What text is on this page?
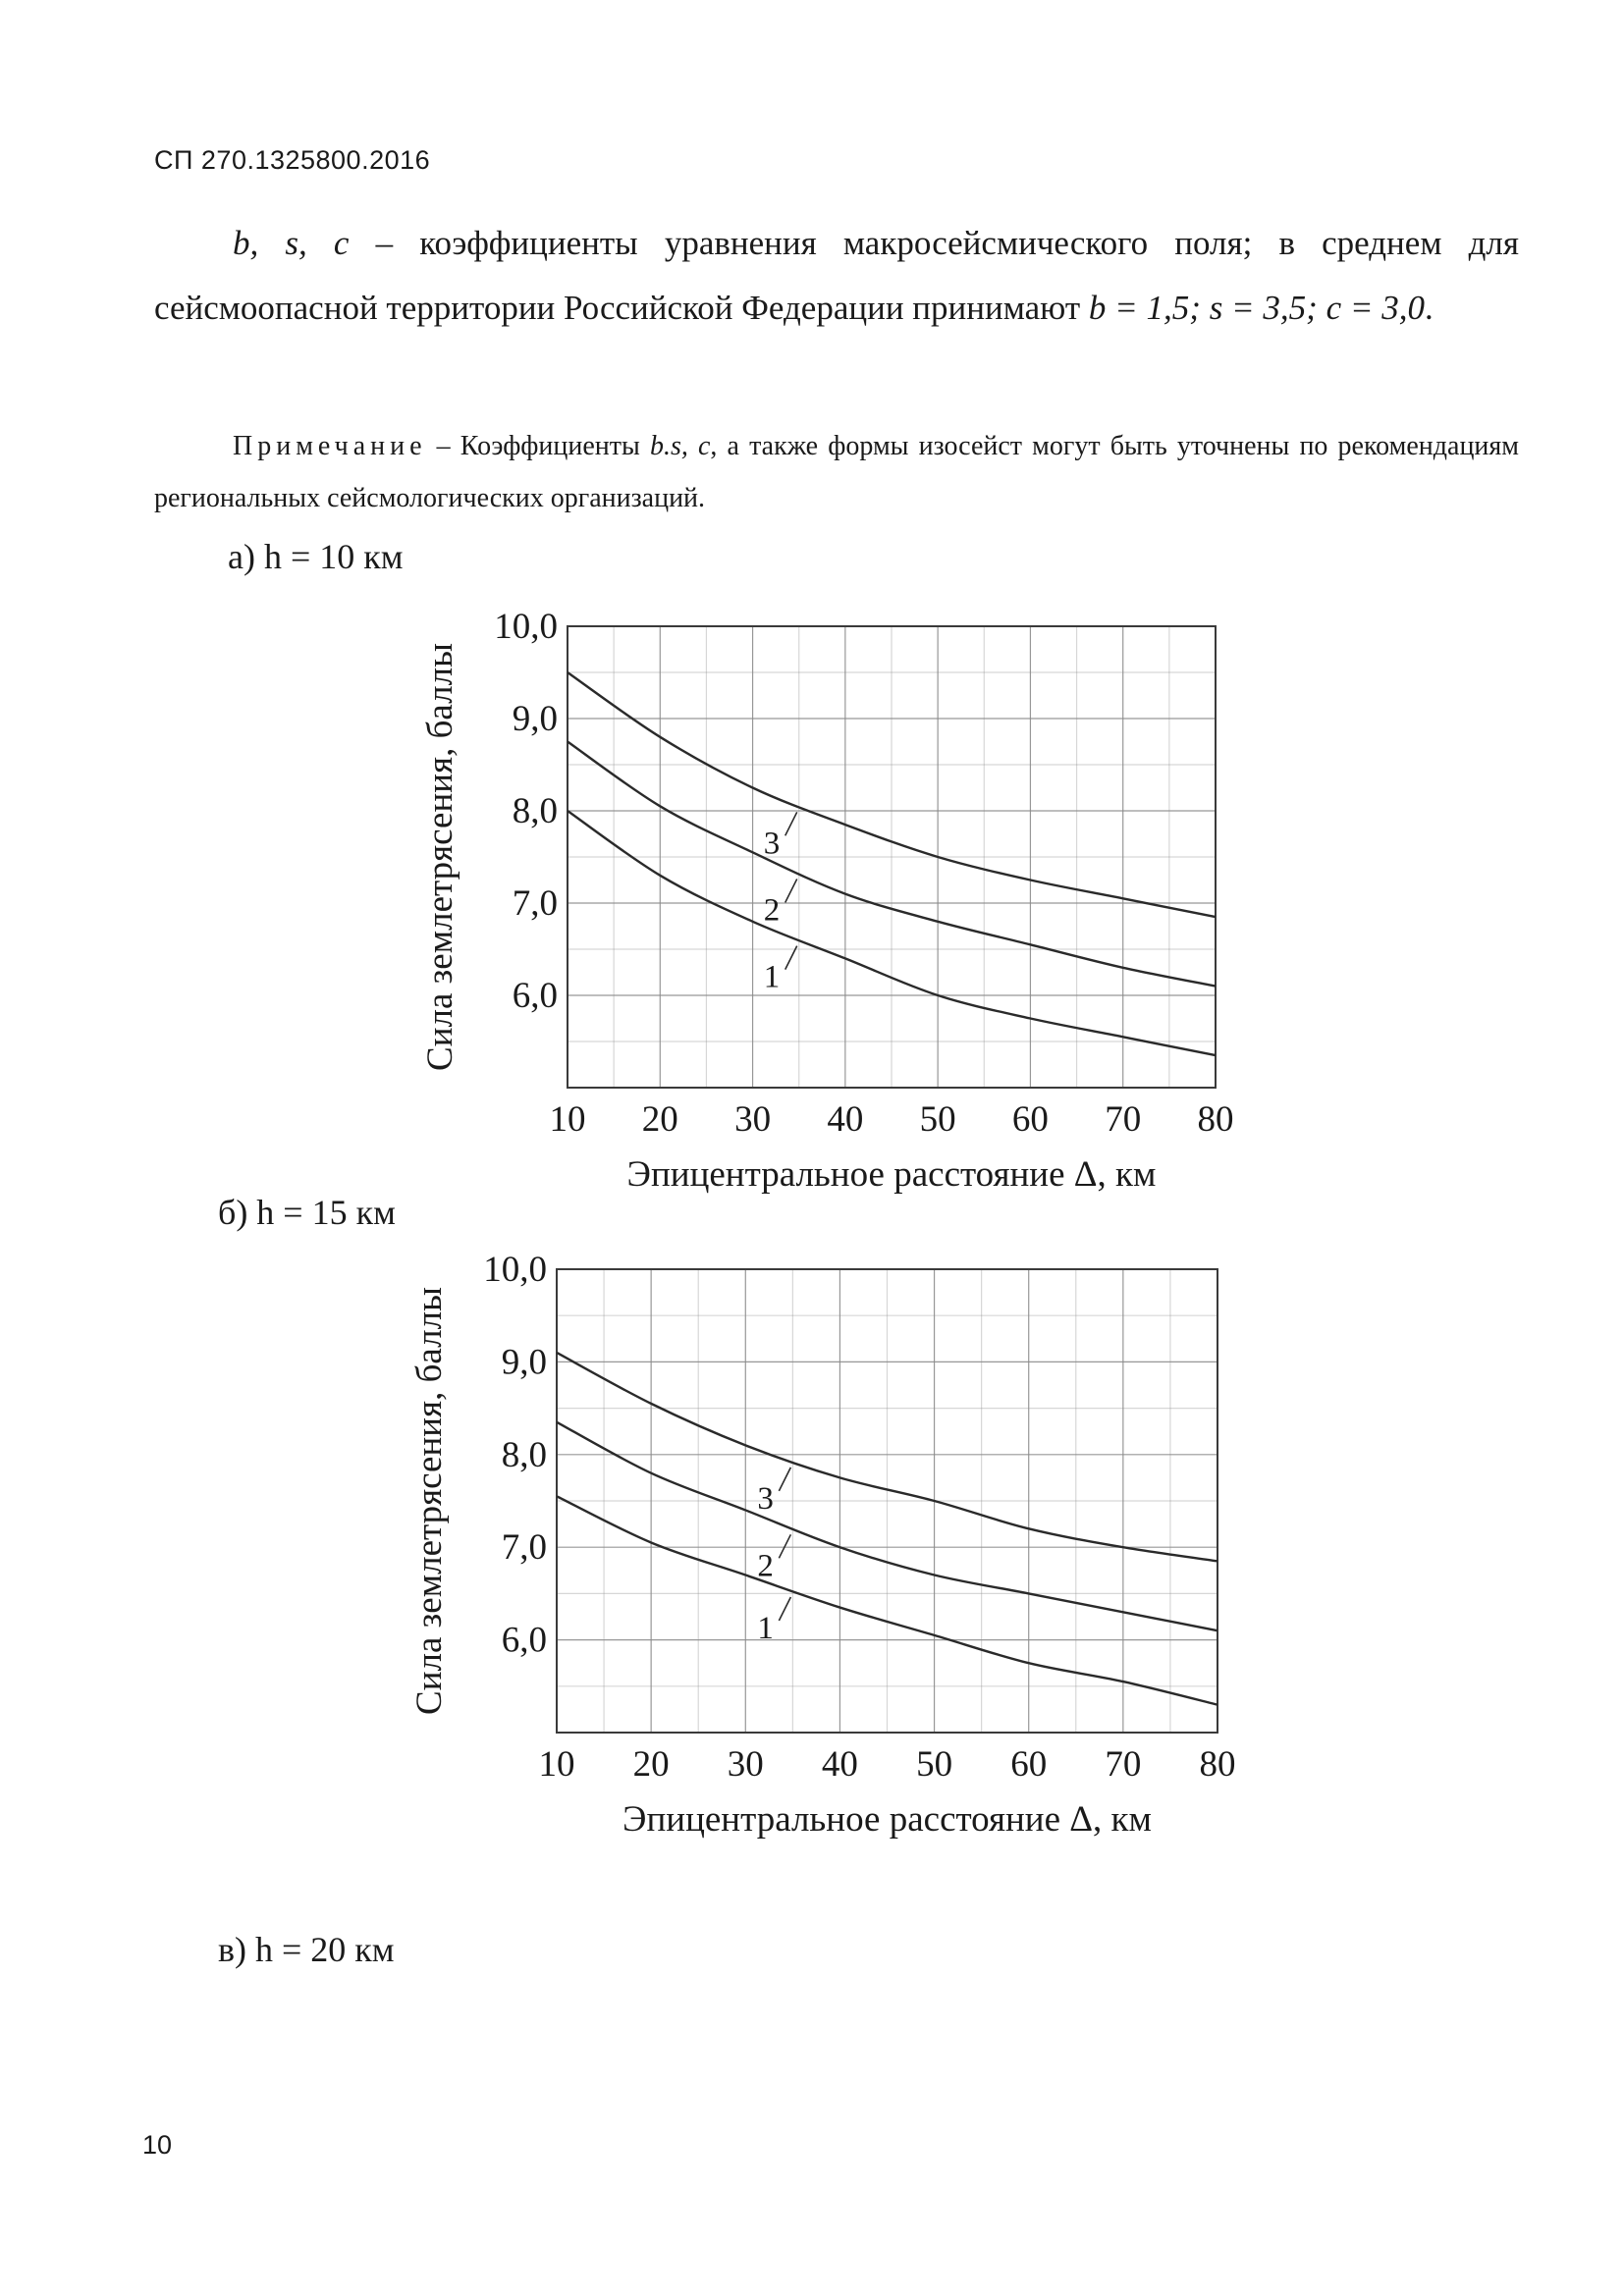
СП 270.1325800.2016
b, s, c – коэффициенты уравнения макросейсмического поля; в среднем для сейсмоопасной территории Российской Федерации принимают b = 1,5; s = 3,5; c = 3,0.
Примечание – Коэффициенты b.s, c, а также формы изосейст могут быть уточнены по рекомендациям региональных сейсмологических организаций.
а) h = 10 км
б) h = 15 км
в) h = 20 км
10 20 30 40 50 60 70 80
10,0
9,0
8,0
7,0
6,0
Эпицентральное расстояние Δ, км
Сила землетрясения, баллы	1
2
3
10 20 30 40 50 60 70 80
10,0
9,0
8,0
7,0
6,0
Эпицентральное расстояние Δ, км
Сила землетрясения, баллы	1
2
3
10
